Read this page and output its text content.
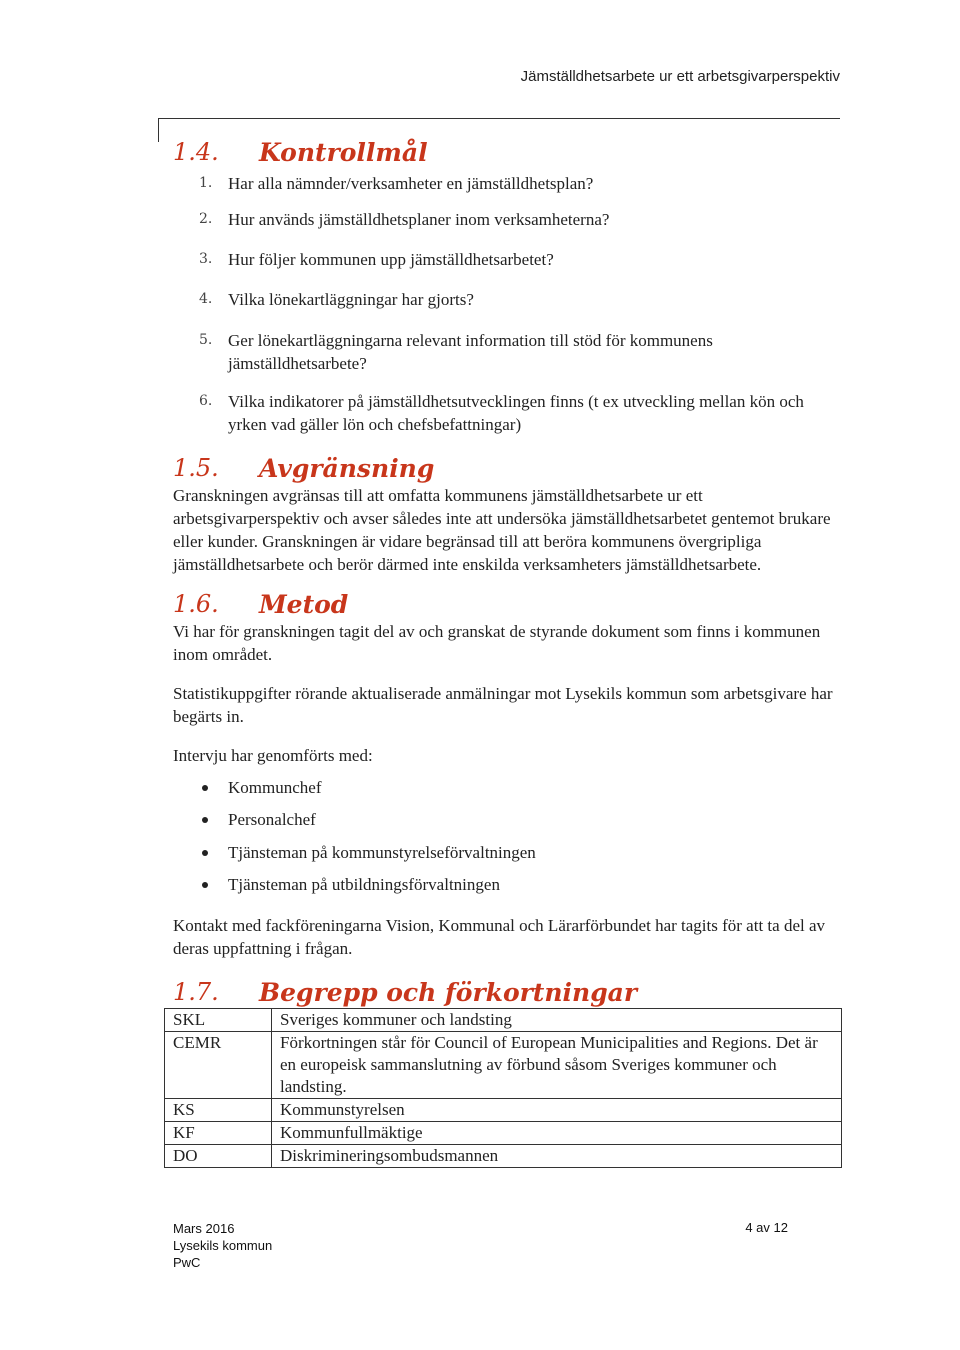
Jämställdhetsarbete ur ett arbetsgivarperspektiv
1.4. Kontrollmål
1. Har alla nämnder/verksamheter en jämställdhetsplan?
2. Hur används jämställdhetsplaner inom verksamheterna?
3. Hur följer kommunen upp jämställdhetsarbetet?
4. Vilka lönekartläggningar har gjorts?
5. Ger lönekartläggningarna relevant information till stöd för kommunens jämställdhetsarbete?
6. Vilka indikatorer på jämställdhetsutvecklingen finns (t ex utveckling mellan kön och yrken vad gäller lön och chefsbefattningar)
1.5. Avgränsning
Granskningen avgränsas till att omfatta kommunens jämställdhetsarbete ur ett arbetsgivarperspektiv och avser således inte att undersöka jämställdhetsarbetet gentemot brukare eller kunder. Granskningen är vidare begränsad till att beröra kommunens övergripliga jämställdhetsarbete och berör därmed inte enskilda verksamheters jämställdhetsarbete.
1.6. Metod
Vi har för granskningen tagit del av och granskat de styrande dokument som finns i kommunen inom området.
Statistikuppgifter rörande aktualiserade anmälningar mot Lysekils kommun som arbetsgivare har begärts in.
Intervju har genomförts med:
Kommunchef
Personalchef
Tjänsteman på kommunstyrelseförvaltningen
Tjänsteman på utbildningsförvaltningen
Kontakt med fackföreningarna Vision, Kommunal och Lärarförbundet har tagits för att ta del av deras uppfattning i frågan.
1.7. Begrepp och förkortningar
SKL	Sveriges kommuner och landsting
CEMR	Förkortningen står för Council of European Municipalities and Regions. Det är en europeisk sammanslutning av förbund såsom Sveriges kommuner och landsting.
KS	Kommunstyrelsen
KF	Kommunfullmäktige
DO	Diskrimineringsombudsmannen
Mars 2016
Lysekils kommun
PwC
4 av 12
